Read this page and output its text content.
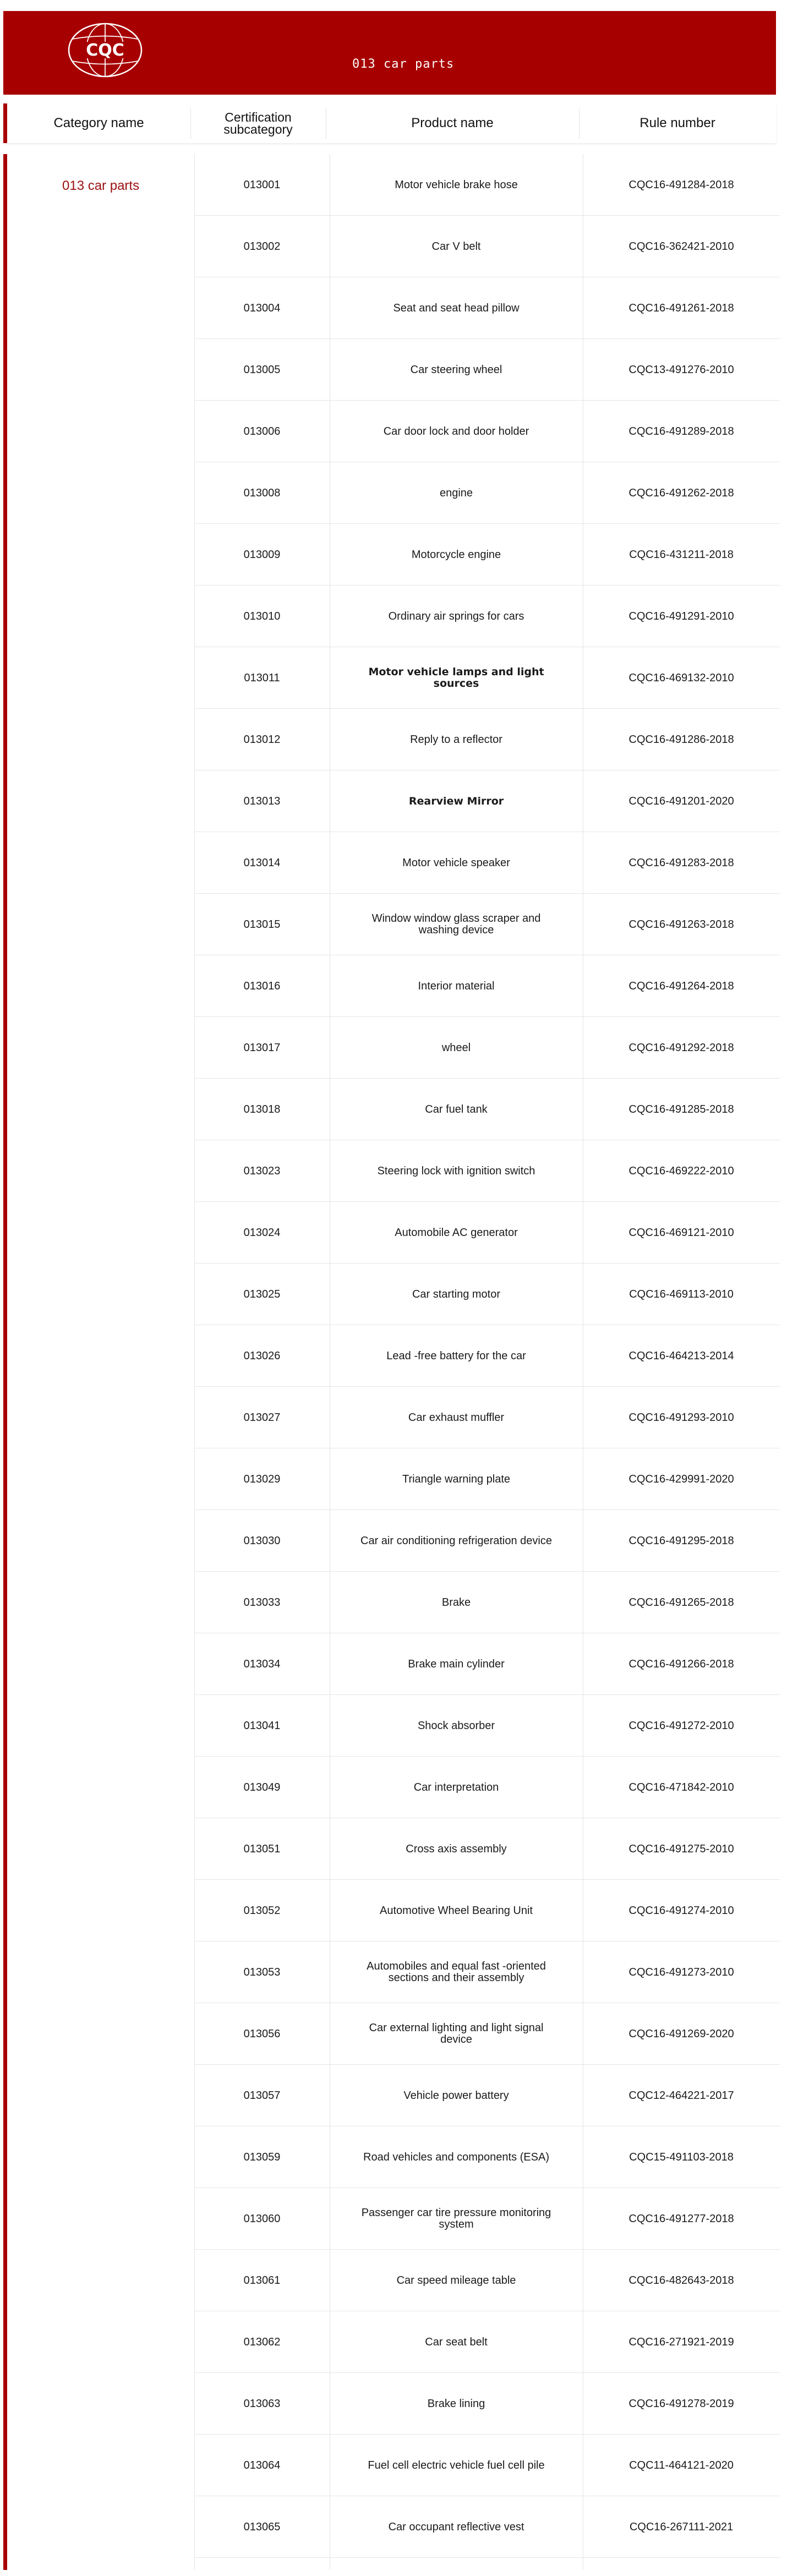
CQC
013 car parts
Category name	Certification subcategory	Product name	Rule number
013 car parts	013001	Motor vehicle brake hose	CQC16-491284-2018
013002	Car V belt	CQC16-362421-2010
013004	Seat and seat head pillow	CQC16-491261-2018
013005	Car steering wheel	CQC13-491276-2010
013006	Car door lock and door holder	CQC16-491289-2018
013008	engine	CQC16-491262-2018
013009	Motorcycle engine	CQC16-431211-2018
013010	Ordinary air springs for cars	CQC16-491291-2010
013011	Motor vehicle lamps and light sources	CQC16-469132-2010
013012	Reply to a reflector	CQC16-491286-2018
013013	Rearview Mirror	CQC16-491201-2020
013014	Motor vehicle speaker	CQC16-491283-2018
013015	Window window glass scraper and washing device	CQC16-491263-2018
013016	Interior material	CQC16-491264-2018
013017	wheel	CQC16-491292-2018
013018	Car fuel tank	CQC16-491285-2018
013023	Steering lock with ignition switch	CQC16-469222-2010
013024	Automobile AC generator	CQC16-469121-2010
013025	Car starting motor	CQC16-469113-2010
013026	Lead -free battery for the car	CQC16-464213-2014
013027	Car exhaust muffler	CQC16-491293-2010
013029	Triangle warning plate	CQC16-429991-2020
013030	Car air conditioning refrigeration device	CQC16-491295-2018
013033	Brake	CQC16-491265-2018
013034	Brake main cylinder	CQC16-491266-2018
013041	Shock absorber	CQC16-491272-2010
013049	Car interpretation	CQC16-471842-2010
013051	Cross axis assembly	CQC16-491275-2010
013052	Automotive Wheel Bearing Unit	CQC16-491274-2010
013053	Automobiles and equal fast -oriented sections and their assembly	CQC16-491273-2010
013056	Car external lighting and light signal device	CQC16-491269-2020
013057	Vehicle power battery	CQC12-464221-2017
013059	Road vehicles and components (ESA)	CQC15-491103-2018
013060	Passenger car tire pressure monitoring system	CQC16-491277-2018
013061	Car speed mileage table	CQC16-482643-2018
013062	Car seat belt	CQC16-271921-2019
013063	Brake lining	CQC16-491278-2019
013064	Fuel cell electric vehicle fuel cell pile	CQC11-464121-2020
013065	Car occupant reflective vest	CQC16-267111-2021
